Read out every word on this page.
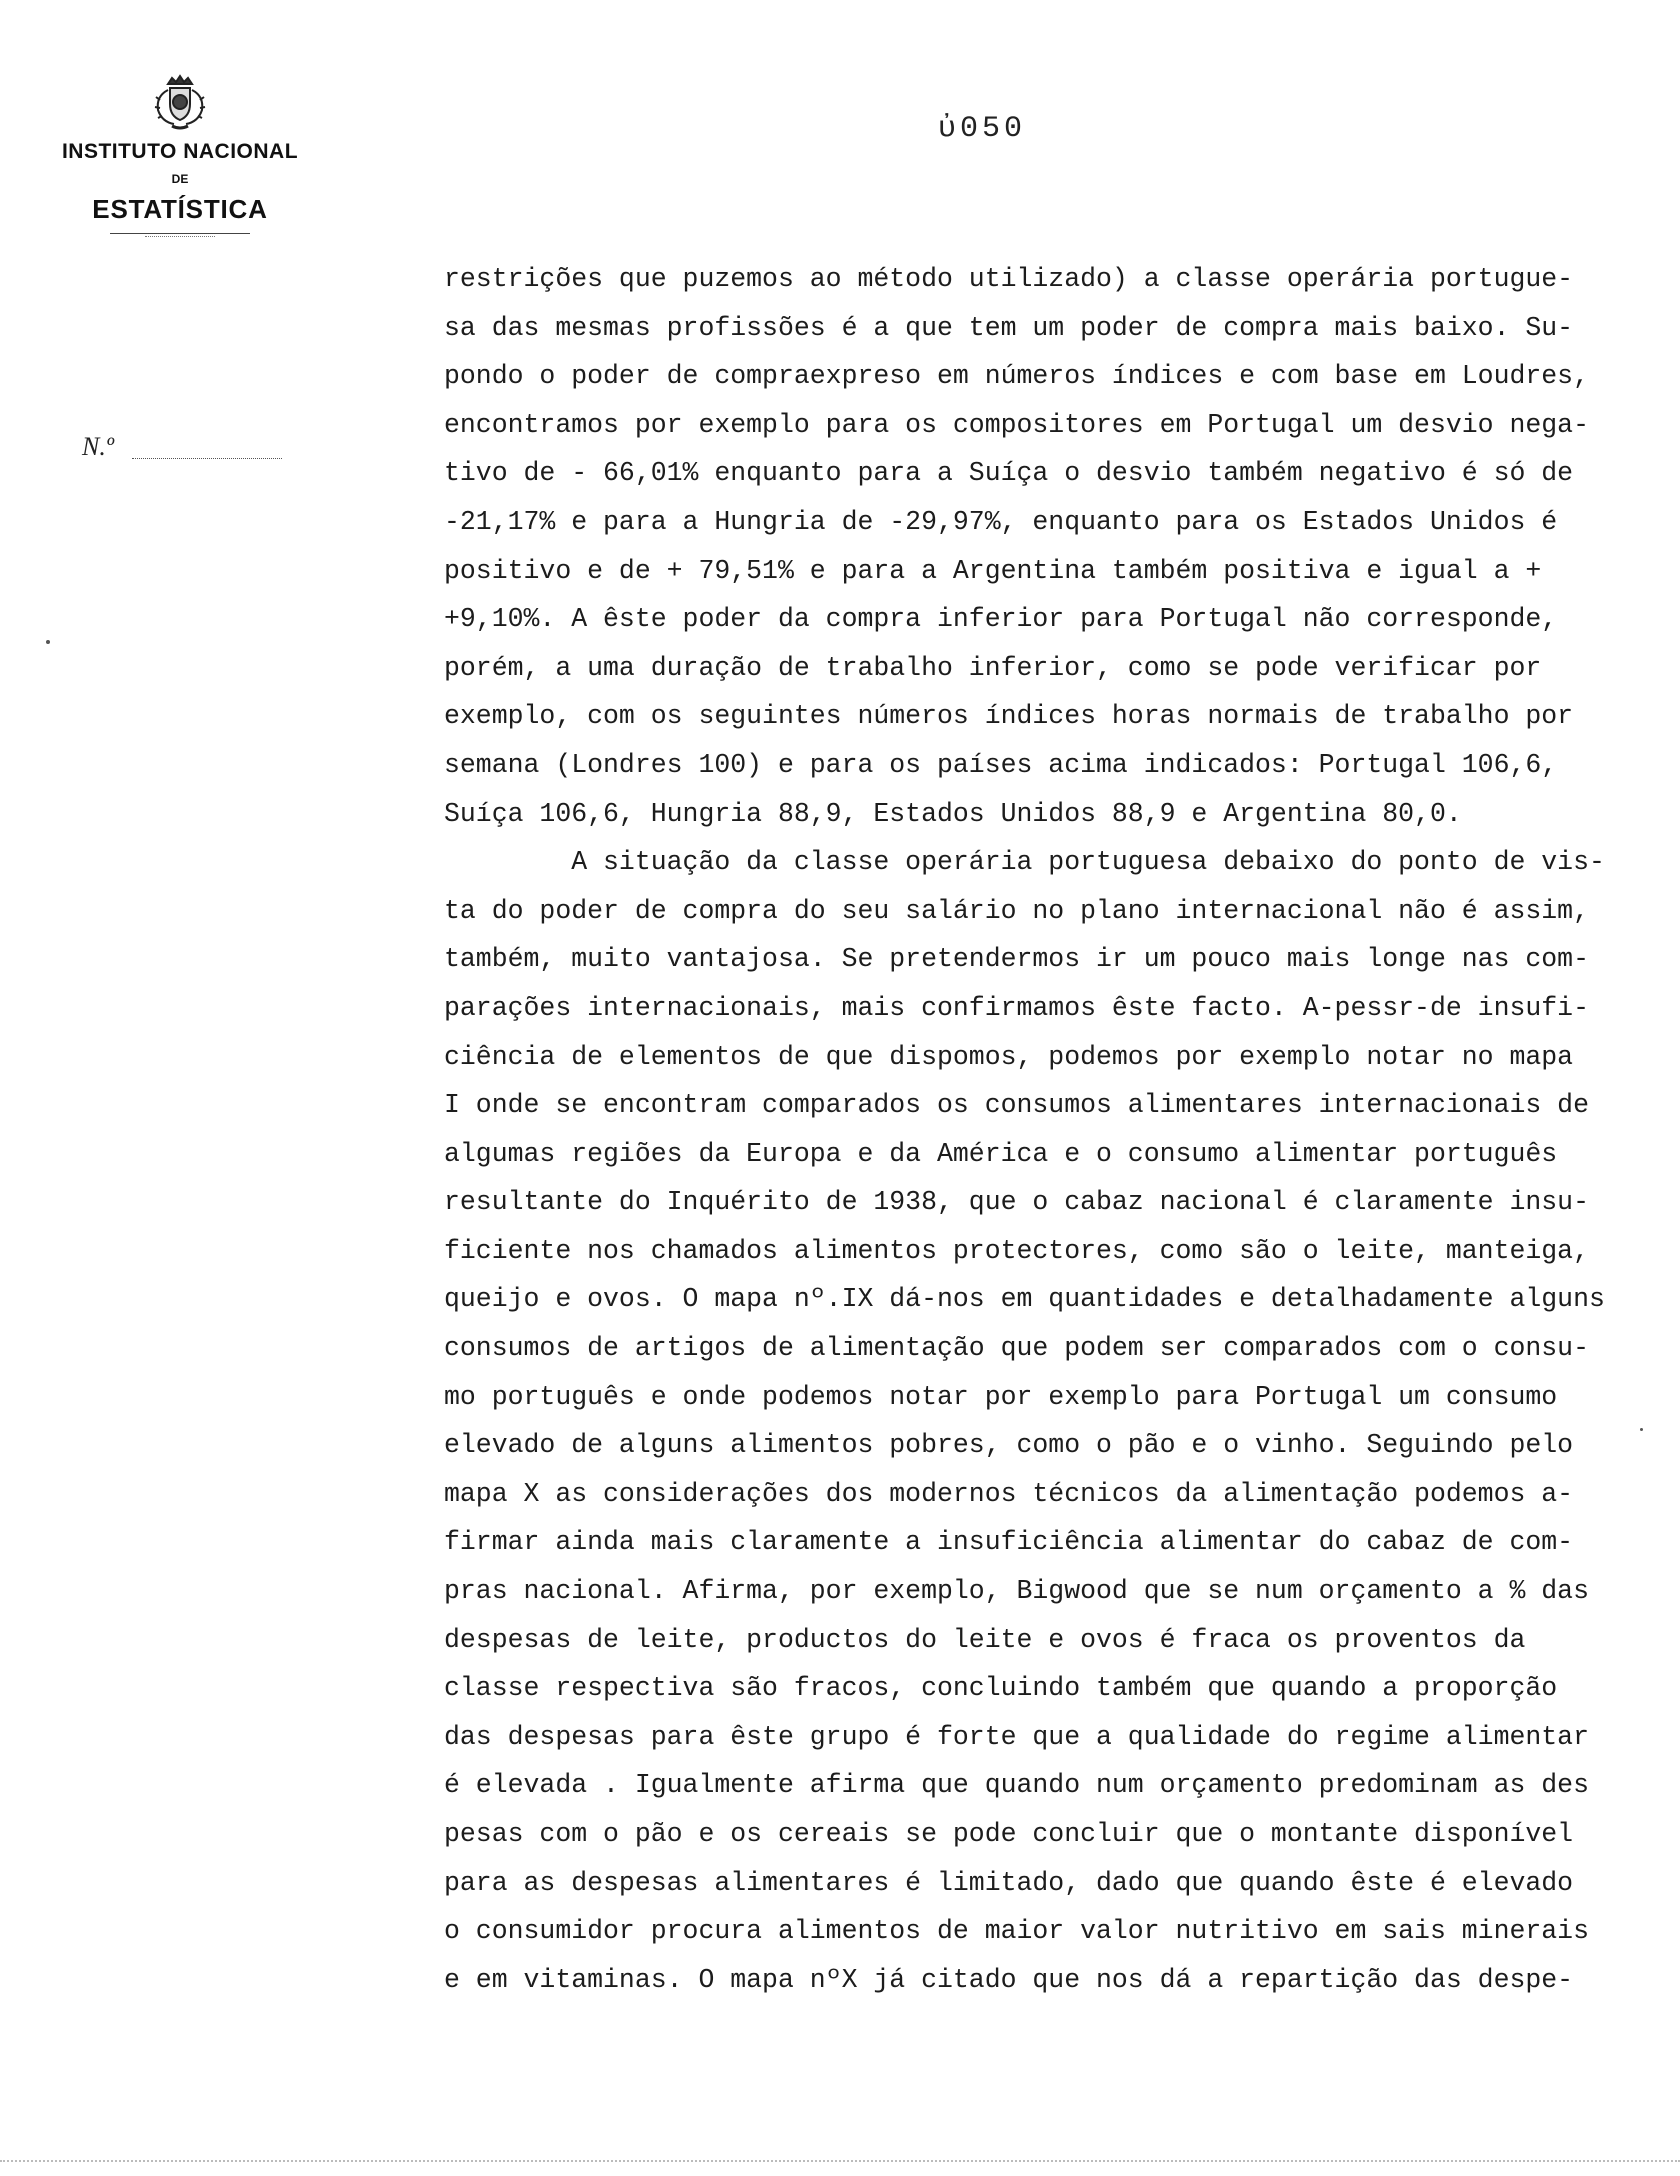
INSTITUTO NACIONAL
DE
ESTATÍSTICA
N.º
ὐ050
restrições que puzemos ao método utilizado) a classe operária portugue-
sa das mesmas profissões é a que tem um poder de compra mais baixo. Su-
pondo o poder de compraexpreso em números índices e com base em Loudres,
encontramos por exemplo para os compositores em Portugal um desvio nega-
tivo de - 66,01% enquanto para a Suíça o desvio também negativo é só de
-21,17% e para a Hungria de -29,97%, enquanto para os Estados Unidos é
positivo e de + 79,51% e para a Argentina também positiva e igual a +
+9,10%. A êste poder da compra inferior para Portugal não corresponde,
porém, a uma duração de trabalho inferior, como se pode verificar por
exemplo, com os seguintes números índices horas normais de trabalho por
semana (Londres 100) e para os países acima indicados: Portugal 106,6,
Suíça 106,6, Hungria 88,9, Estados Unidos 88,9 e Argentina 80,0.
A situação da classe operária portuguesa debaixo do ponto de vis-
ta do poder de compra do seu salário no plano internacional não é assim,
também, muito vantajosa. Se pretendermos ir um pouco mais longe nas com-
parações internacionais, mais confirmamos êste facto. A-pessr-de insufi-
ciência de elementos de que dispomos, podemos por exemplo notar no mapa
I onde se encontram comparados os consumos alimentares internacionais de
algumas regiões da Europa e da América e o consumo alimentar português
resultante do Inquérito de 1938, que o cabaz nacional é claramente insu-
ficiente nos chamados alimentos protectores, como são o leite, manteiga,
queijo e ovos. O mapa nº.IX dá-nos em quantidades e detalhadamente alguns
consumos de artigos de alimentação que podem ser comparados com o consu-
mo português e onde podemos notar por exemplo para Portugal um consumo
elevado de alguns alimentos pobres, como o pão e o vinho. Seguindo pelo
mapa X as considerações dos modernos técnicos da alimentação podemos a-
firmar ainda mais claramente a insuficiência alimentar do cabaz de com-
pras nacional. Afirma, por exemplo, Bigwood que se num orçamento a % das
despesas de leite, productos do leite e ovos é fraca os proventos da
classe respectiva são fracos, concluindo também que quando a proporção
das despesas para êste grupo é forte que a qualidade do regime alimentar
é elevada . Igualmente afirma que quando num orçamento predominam as des
pesas com o pão e os cereais se pode concluir que o montante disponível
para as despesas alimentares é limitado, dado que quando êste é elevado
o consumidor procura alimentos de maior valor nutritivo em sais minerais
e em vitaminas. O mapa nºX já citado que nos dá a repartição das despe-
